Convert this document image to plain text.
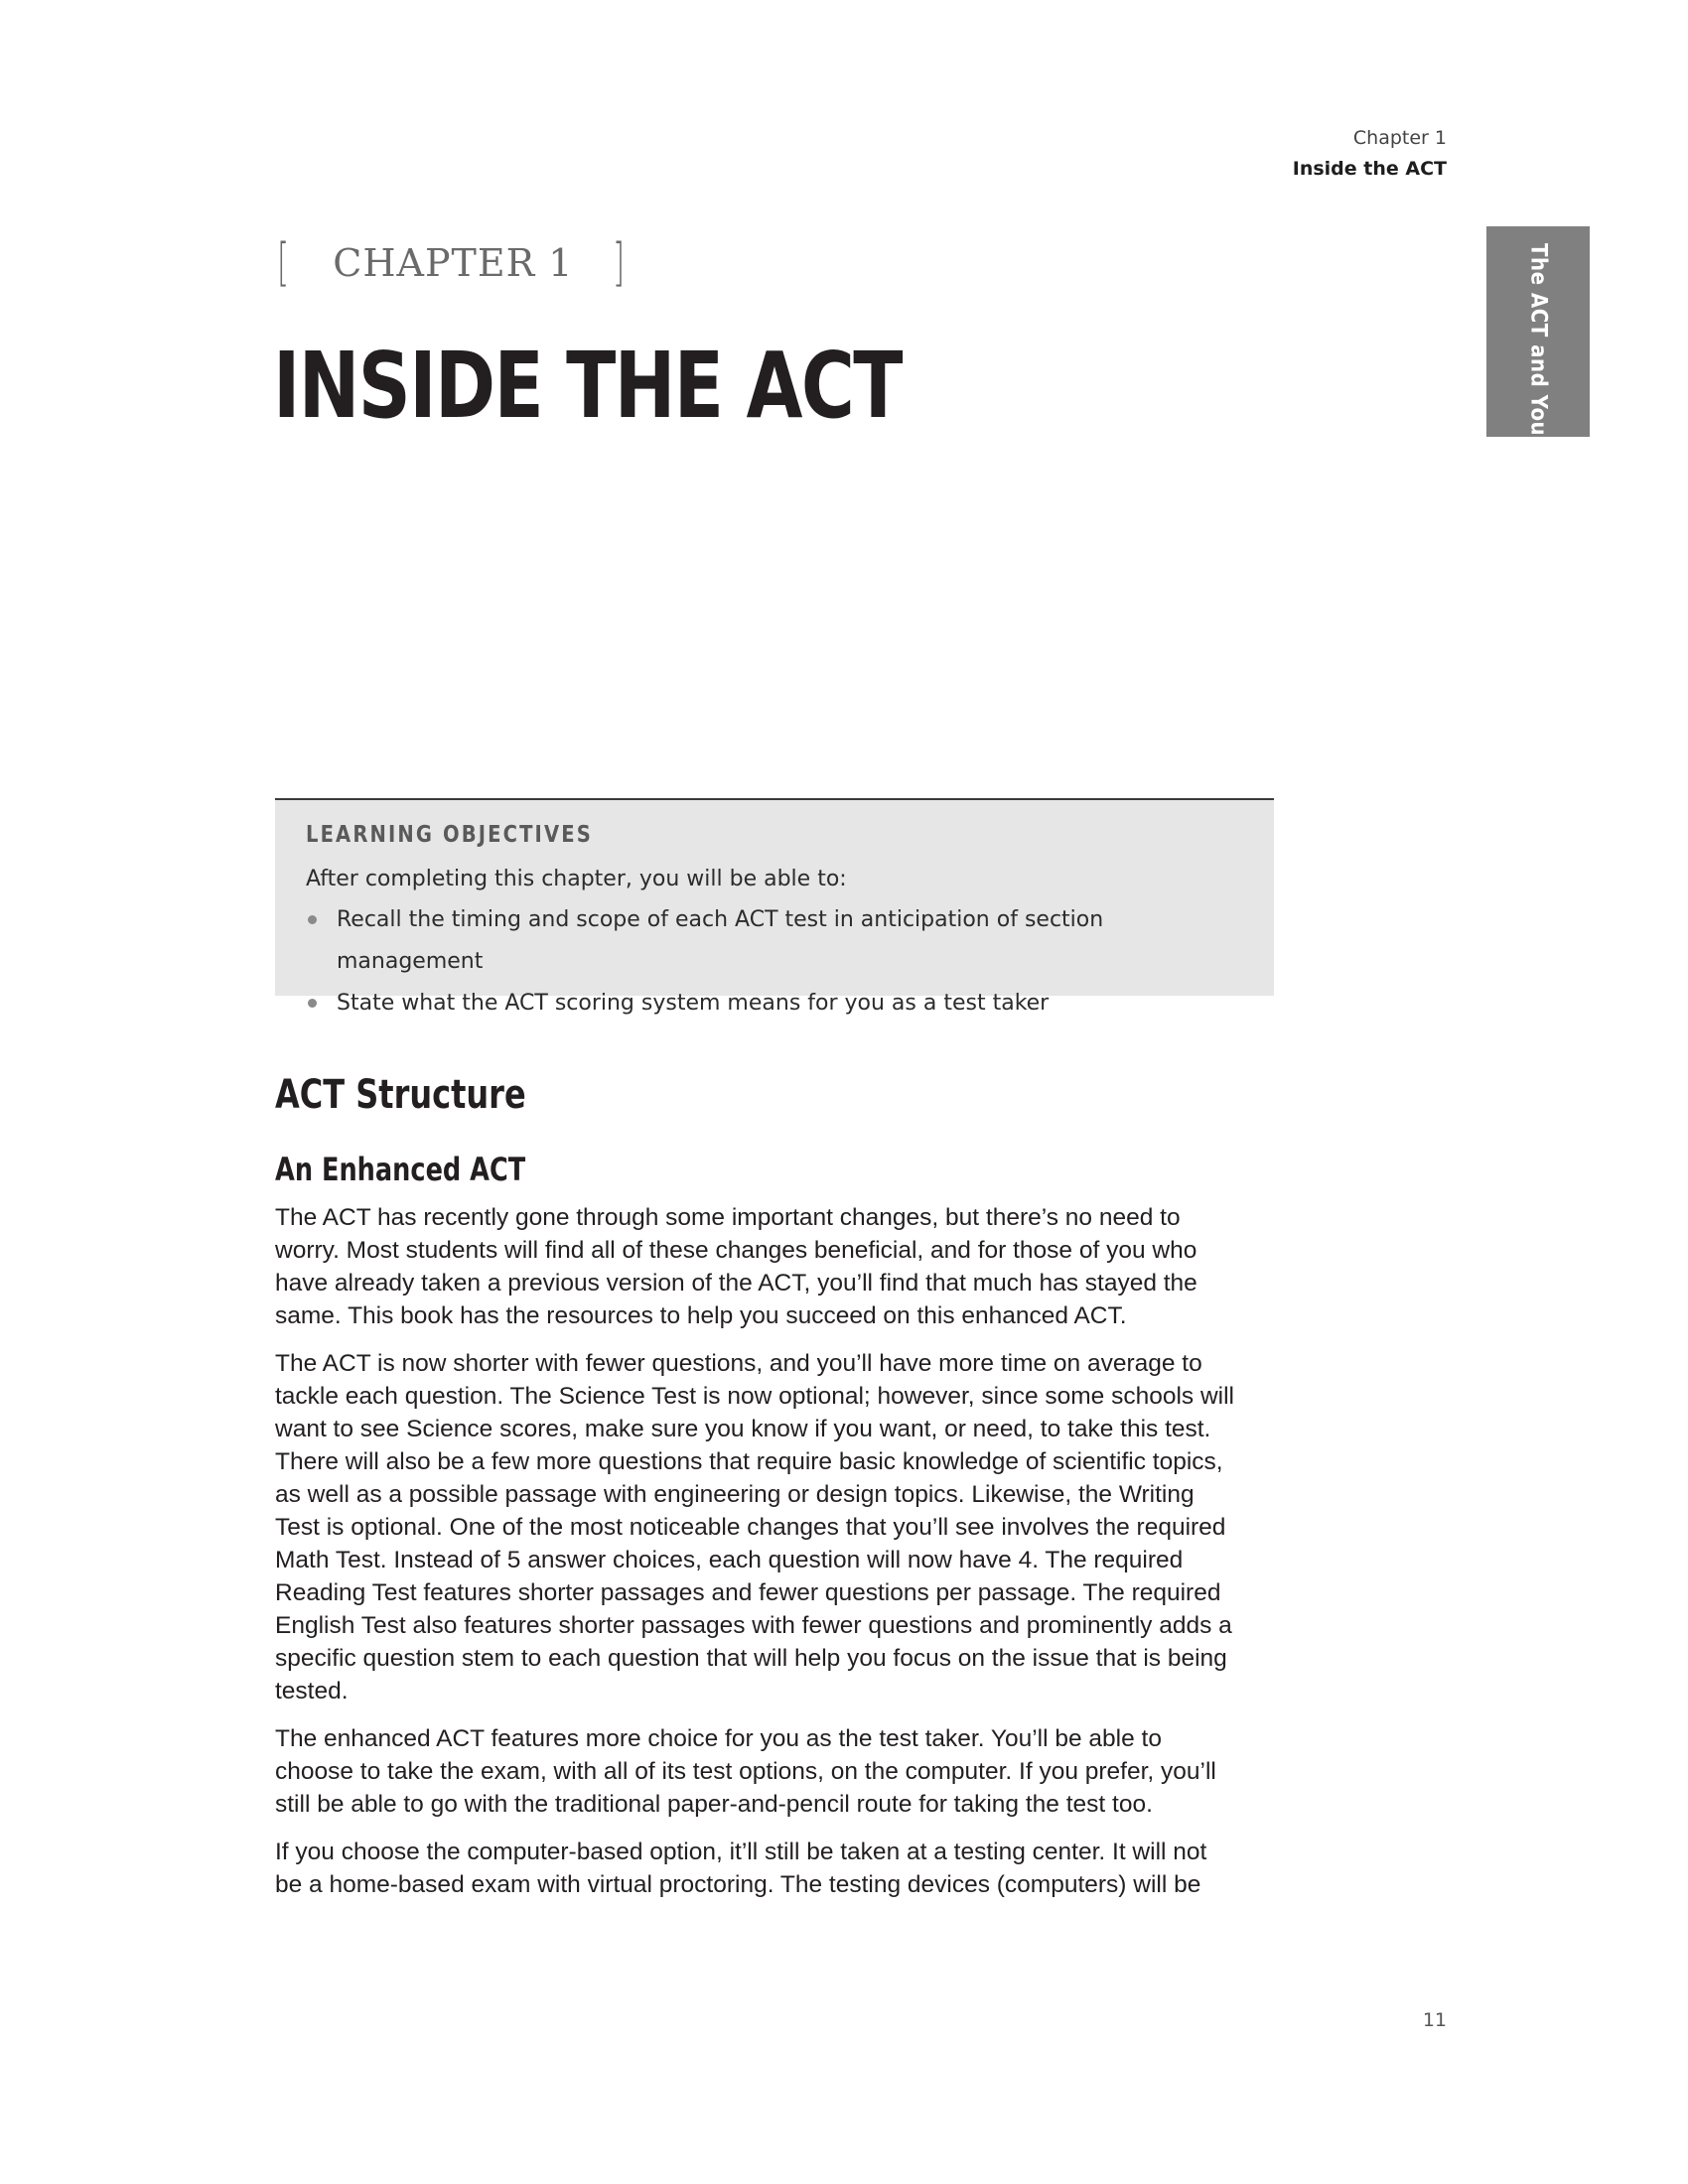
Chapter 1
Inside the ACT
The ACT and You
[ CHAPTER 1 ]
INSIDE THE ACT
LEARNING OBJECTIVES
After completing this chapter, you will be able to:
Recall the timing and scope of each ACT test in anticipation of section management
State what the ACT scoring system means for you as a test taker
ACT Structure
An Enhanced ACT

The ACT has recently gone through some important changes, but there’s no need to worry. Most students will find all of these changes beneficial, and for those of you who have already taken a previous version of the ACT, you’ll find that much has stayed the same. This book has the resources to help you succeed on this enhanced ACT.

The ACT is now shorter with fewer questions, and you’ll have more time on average to tackle each question. The Science Test is now optional; however, since some schools will want to see Science scores, make sure you know if you want, or need, to take this test. There will also be a few more questions that require basic knowledge of scientific topics, as well as a possible passage with engineering or design topics. Likewise, the Writing Test is optional. One of the most noticeable changes that you’ll see involves the required Math Test. Instead of 5 answer choices, each question will now have 4. The required Reading Test features shorter passages and fewer questions per passage. The required English Test also features shorter passages with fewer questions and prominently adds a specific question stem to each question that will help you focus on the issue that is being tested.

The enhanced ACT features more choice for you as the test taker. You’ll be able to choose to take the exam, with all of its test options, on the computer. If you prefer, you’ll still be able to go with the traditional paper-and-pencil route for taking the test too.

If you choose the computer-based option, it’ll still be taken at a testing center. It will not be a home-based exam with virtual proctoring. The testing devices (computers) will be

11
